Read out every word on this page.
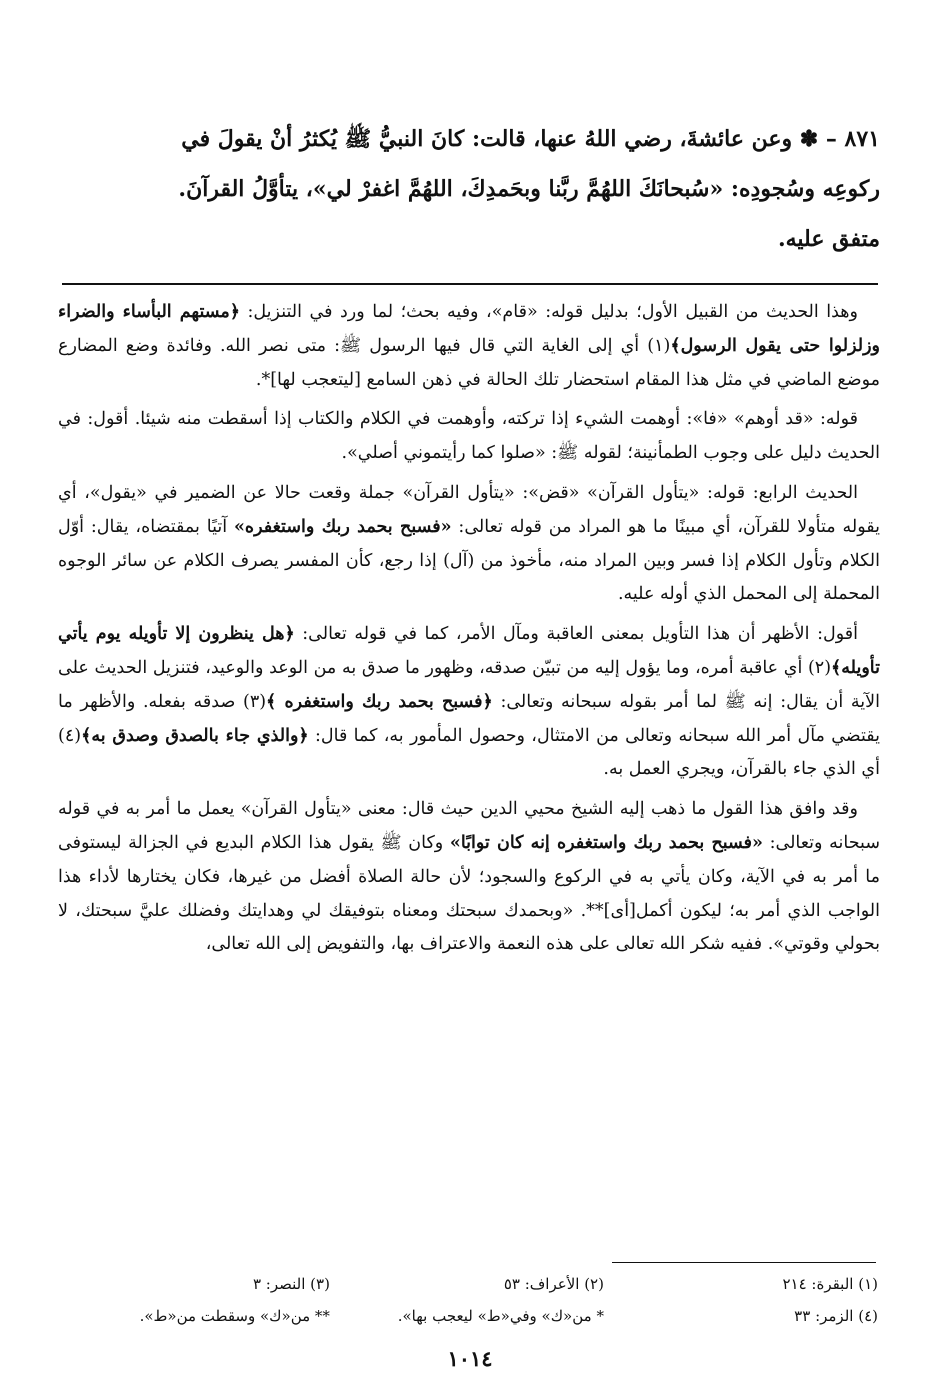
٨٧١ – ✽ وعن عائشةَ، رضي اللهُ عنها، قالت: كانَ النبيُّ ﷺ يُكثرُ أنْ يقولَ في

ركوعِه وسُجودِه: «سُبحانَكَ اللهُمَّ ربَّنا وبحَمدِكَ، اللهُمَّ اغفرْ لي»، يتأوَّلُ القرآنَ.

متفق عليه.

وهذا الحديث من القبيل الأول؛ بدليل قوله: «قام»، وفيه بحث؛ لما ورد في التنزيل: ﴿مستهم البأساء والضراء وزلزلوا حتى يقول الرسول﴾(١) أي إلى الغاية التي قال فيها الرسول ﷺ: متى نصر الله. وفائدة وضع المضارع موضع الماضي في مثل هذا المقام استحضار تلك الحالة في ذهن السامع [ليتعجب لها]*.

قوله: «قد أوهم» «فا»: أوهمت الشيء إذا تركته، وأوهمت في الكلام والكتاب إذا أسقطت منه شيئا. أقول: في الحديث دليل على وجوب الطمأنينة؛ لقوله ﷺ: «صلوا كما رأيتموني أصلي».

الحديث الرابع: قوله: «يتأول القرآن» «قض»: «يتأول القرآن» جملة وقعت حالا عن الضمير في «يقول»، أي يقوله متأولا للقرآن، أي مبينًا ما هو المراد من قوله تعالى: «فسبح بحمد ربك واستغفره» آتيًا بمقتضاه، يقال: أوّل الكلام وتأول الكلام إذا فسر وبين المراد منه، مأخوذ من (آل) إذا رجع، كأن المفسر يصرف الكلام عن سائر الوجوه المحملة إلى المحمل الذي أوله عليه.

أقول: الأظهر أن هذا التأويل بمعنى العاقبة ومآل الأمر، كما في قوله تعالى: ﴿هل ينظرون إلا تأويله يوم يأتي تأويله﴾(٢) أي عاقبة أمره، وما يؤول إليه من تبيّن صدقه، وظهور ما صدق به من الوعد والوعيد، فتنزيل الحديث على الآية أن يقال: إنه ﷺ لما أمر بقوله سبحانه وتعالى: ﴿فسبح بحمد ربك واستغفره ﴾(٣) صدقه بفعله. والأظهر ما يقتضي مآل أمر الله سبحانه وتعالى من الامتثال، وحصول المأمور به، كما قال: ﴿والذي جاء بالصدق وصدق به﴾(٤) أي الذي جاء بالقرآن، ويجري العمل به.

وقد وافق هذا القول ما ذهب إليه الشيخ محيي الدين حيث قال: معنى «يتأول القرآن» يعمل ما أمر به في قوله سبحانه وتعالى: «فسبح بحمد ربك واستغفره إنه كان توابًا» وكان ﷺ يقول هذا الكلام البديع في الجزالة ليستوفى ما أمر به في الآية، وكان يأتي به في الركوع والسجود؛ لأن حالة الصلاة أفضل من غيرها، فكان يختارها لأداء هذا الواجب الذي أمر به؛ ليكون أكمل[أى]**. «وبحمدك سبحتك ومعناه بتوفيقك لي وهدايتك وفضلك عليَّ سبحتك، لا بحولي وقوتي». ففيه شكر الله تعالى على هذه النعمة والاعتراف بها، والتفويض إلى الله تعالى،

(١) البقرة: ٢١٤
(٢) الأعراف: ٥٣
(٣) النصر: ٣
(٤) الزمر: ٣٣
* من«ك» وفي«ط» ليعجب بها».
** من«ك» وسقطت من«ط».
١٠١٤
